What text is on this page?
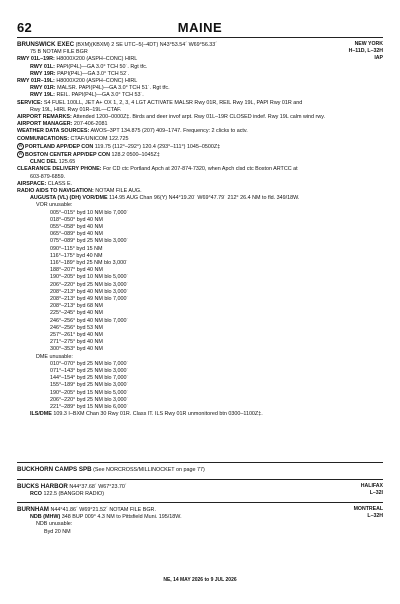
62	MAINE
NEW YORK
H–11D, L–32H
IAP
BRUNSWICK EXEC (BXM)(KBXM) 2 SE UTC–5(–4DT) N43°53.54´ W69°56.33´
75 B NOTAM FILE BGR
RWY 01L–19R: H8000X200 (ASPH–CONC) HIRL
RWY 01L: PAPI(P4L)—GA 3.0° TCH 50´. Rgt tfc.
RWY 19R: PAPI(P4L)—GA 3.0° TCH 52´.
RWY 01R–19L: H8000X200 (ASPH–CONC) HIRL
RWY 01R: MALSR. PAPI(P4L)—GA 3.0° TCH 51´. Rgt tfc.
RWY 19L: REIL. PAPI(P4L)—GA 3.0° TCH 53´.
SERVICE: S4 FUEL 100LL, JET A+ OX 1, 2, 3, 4 LGT ACTIVATE MALSR Rwy 01R, REIL Rwy 19L, PAPI Rwy 01R and
Rwy 19L, HIRL Rwy 01R–19L—CTAF.
AIRPORT REMARKS: Attended 1200–0000Z‡. Birds and deer invof arpt. Rwy 01L–19R CLOSED indef. Rwy 19L calm wind rwy.
AIRPORT MANAGER: 207-406-2081
WEATHER DATA SOURCES: AWOS–3PT 134.875 (207) 409–1747. Frequency: 2 clicks to actv.
COMMUNICATIONS: CTAF/UNICOM 122.725
R PORTLAND APP/DEP CON 119.75 (112°–292°) 120.4 (293°–111°) 1045–0500Z‡
R BOSTON CENTER APP/DEP CON 128.2 0500–1045Z‡
CLNC DEL 125.65
CLEARANCE DELIVERY PHONE: For CD ctc Portland Apch at 207-874-7320, when Apch clsd ctc Boston ARTCC at
603-879-6859.
AIRSPACE: CLASS E.
RADIO AIDS TO NAVIGATION: NOTAM FILE AUG.
AUGUSTA (VL) (DH) VOR/DME 114.95 AUG Chan 96(Y) N44°19.20´ W69°47.79´ 212° 26.4 NM to fld. 349/18W.
VOR unusable:
005°–015° byd 10 NM blo 7,000´
018°–050° byd 40 NM
055°–058° byd 40 NM
065°–089° byd 40 NM
075°–089° byd 25 NM blo 3,000´
090°–115° byd 15 NM
116°–175° byd 40 NM
116°–189° byd 25 NM blo 3,000´
188°–207° byd 40 NM
190°–205° byd 10 NM blo 5,000´
206°–220° byd 25 NM blo 3,000´
208°–213° byd 40 NM blo 3,000´
208°–213° byd 49 NM blo 7,000´
208°–213° byd 68 NM
225°–245° byd 40 NM
246°–256° byd 40 NM blo 7,000´
246°–256° byd 53 NM
257°–261° byd 40 NM
271°–275° byd 40 NM
300°–353° byd 40 NM
DME unusable:
010°–070° byd 25 NM blo 7,000´
071°–143° byd 25 NM blo 3,000´
144°–154° byd 25 NM blo 7,000´
155°–189° byd 25 NM blo 3,000´
190°–205° byd 15 NM blo 5,000´
206°–220° byd 25 NM blo 3,000´
221°–289° byd 15 NM blo 6,000´
ILS/DME 109.3 I–BXM Chan 30 Rwy 01R. Class IT. ILS Rwy 01R unmonitored btn 0300–1100Z‡.
BUCKHORN CAMPS SPB (See NORCROSS/MILLINOCKET on page 77)
HALIFAX
L–32I
BUCKS HARBOR N44°37.68´ W67°23.70´
RCO 122.5 (BANGOR RADIO)
MONTREAL
L–32H
BURNHAM N44°41.86´ W69°21.52´ NOTAM FILE BGR.
NDB (MHW) 348 BUP 009° 4.3 NM to Pittsfield Muni. 195/18W.
NDB unusable:
Byd 20 NM
NE, 14 MAY 2026 to 9 JUL 2026
